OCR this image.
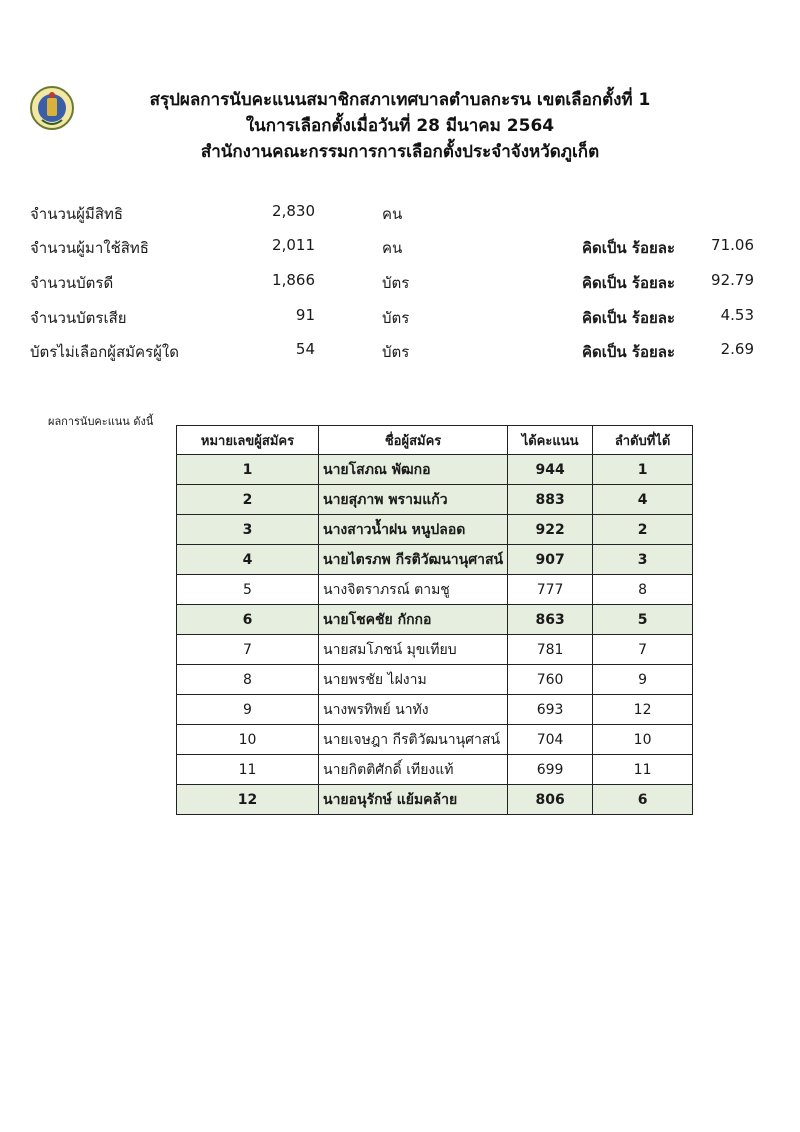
สรุปผลการนับคะแนนสมาชิกสภาเทศบาลตำบลกะรน เขตเลือกตั้งที่ 1
ในการเลือกตั้งเมื่อวันที่ 28 มีนาคม 2564
สำนักงานคณะกรรมการการเลือกตั้งประจำจังหวัดภูเก็ต
จำนวนผู้มีสิทธิ	2,830	คน
จำนวนผู้มาใช้สิทธิ	2,011	คน	คิดเป็น ร้อยละ	71.06
จำนวนบัตรดี	1,866	บัตร	คิดเป็น ร้อยละ	92.79
จำนวนบัตรเสีย	91	บัตร	คิดเป็น ร้อยละ	4.53
บัตรไม่เลือกผู้สมัครผู้ใด	54	บัตร	คิดเป็น ร้อยละ	2.69
ผลการนับคะแนน ดังนี้
หมายเลขผู้สมัคร	ชื่อผู้สมัคร	ได้คะแนน	ลำดับที่ได้
1	นายโสภณ พัฒกอ	944	1
2	นายสุภาพ พรามแก้ว	883	4
3	นางสาวน้ำฝน หนูปลอด	922	2
4	นายไตรภพ กีรติวัฒนานุศาสน์	907	3
5	นางจิตราภรณ์ ตามชู	777	8
6	นายโชคชัย กักกอ	863	5
7	นายสมโภชน์ มุขเทียบ	781	7
8	นายพรชัย ไฝงาม	760	9
9	นางพรทิพย์ นาทัง	693	12
10	นายเจษฎา กีรติวัฒนานุศาสน์	704	10
11	นายกิตติศักดิ์ เทียงแท้	699	11
12	นายอนุรักษ์ แย้มคล้าย	806	6
